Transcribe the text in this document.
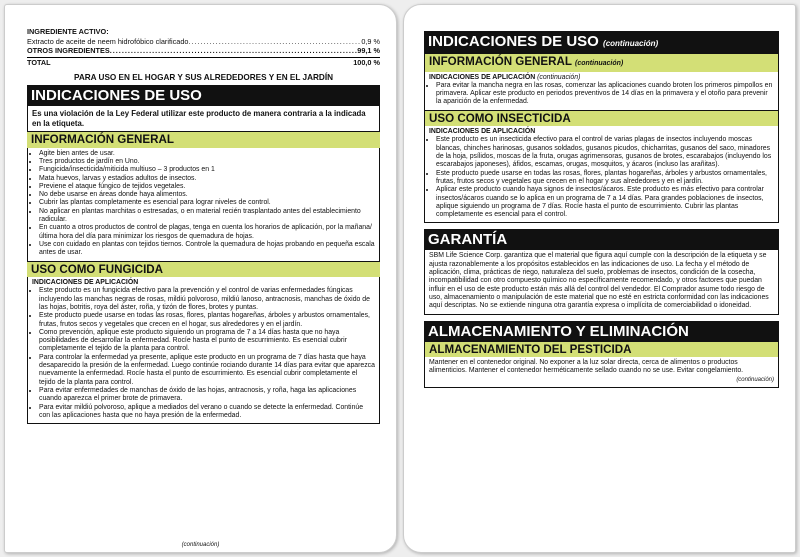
INGREDIENTE ACTIVO:
Extracto de aceite de neem hidrofóbico clarificado .....	0,9 %
OTROS INGREDIENTES .....	99,1 %
TOTAL	100,0 %
PARA USO EN EL HOGAR Y SUS ALREDEDORES Y EN EL JARDÍN
INDICACIONES DE USO
Es una violación de la Ley Federal utilizar este producto de manera contraria a la indicada en la etiqueta.
INFORMACIÓN GENERAL
• Agite bien antes de usar.
• Tres productos de jardín en Uno.
• Fungicida/insecticida/miticida multiuso – 3 productos en 1
• Mata huevos, larvas y estadios adultos de insectos.
• Previene el ataque fúngico de tejidos vegetales.
• No debe usarse en áreas donde haya alimentos.
• Cubrir las plantas completamente es esencial para lograr niveles de control.
• No aplicar en plantas marchitas o estresadas, o en material recién trasplantado antes del establecimiento radicular.
• En cuanto a otros productos de control de plagas, tenga en cuenta los horarios de aplicación, por la mañana/última hora del día para minimizar los riesgos de quemadura de hojas.
• Use con cuidado en plantas con tejidos tiernos. Controle la quemadura de hojas probando en pequeña escala antes de usar.
USO COMO FUNGICIDA
INDICACIONES DE APLICACIÓN
• Este producto es un fungicida efectivo para la prevención y el control de varias enfermedades fúngicas incluyendo las manchas negras de rosas, mildiú polvoroso, mildiú lanoso, antracnosis, manchas de óxido de las hojas, botritis, roya del áster, roña, y tizón de flores, brotes y puntas.
• Este producto puede usarse en todas las rosas, flores, plantas hogareñas, árboles y arbustos ornamentales, frutas, frutos secos y vegetales que crecen en el hogar, sus alrededores y en el jardín.
• Como prevención, aplique este producto siguiendo un programa de 7 a 14 días hasta que no haya posibilidades de desarrollar la enfermedad. Rocíe hasta el punto de escurrimiento. Es esencial cubrir completamente el tejido de la planta para control.
• Para controlar la enfermedad ya presente, aplique este producto en un programa de 7 días hasta que haya desaparecido la presión de la enfermedad. Luego continúe rociando durante 14 días para evitar que aparezca nuevamente la enfermedad. Rocíe hasta el punto de escurrimiento. Es esencial cubrir completamente el tejido de la planta para control.
• Para evitar enfermedades de manchas de óxido de las hojas, antracnosis, y roña, haga las aplicaciones cuando aparezca el primer brote de primavera.
• Para evitar mildiú polvoroso, aplique a mediados del verano o cuando se detecte la enfermedad. Continúe con las aplicaciones hasta que no haya presión de la enfermedad.
(continuación)
INDICACIONES DE USO (continuación)
INFORMACIÓN GENERAL (continuación)
INDICACIONES DE APLICACIÓN (continuación)
• Para evitar la mancha negra en las rosas, comenzar las aplicaciones cuando broten los primeros pimpollos en primavera. Aplicar este producto en periodos preventivos de 14 días en la primavera y el otoño para prevenir la aparición de la enfermedad.
USO COMO INSECTICIDA
INDICACIONES DE APLICACIÓN
• Este producto es un insecticida efectivo para el control de varias plagas de insectos incluyendo moscas blancas, chinches harinosas, gusanos soldados, gusanos picudos, chicharritas, gusanos del saco, minadores de la hoja, psílidos, moscas de la fruta, orugas agrimensoras, gusanos de brotes, escarabajos (incluyendo los escarabajos japoneses), áfidos, escamas, orugas, mosquitos, y ácaros (incluso las arañitas).
• Este producto puede usarse en todas las rosas, flores, plantas hogareñas, árboles y arbustos ornamentales, frutas, frutos secos y vegetales que crecen en el hogar y sus alrededores y en el jardín.
• Aplicar este producto cuando haya signos de insectos/ácaros. Este producto es más efectivo para controlar insectos/ácaros cuando se lo aplica en un programa de 7 a 14 días. Para grandes poblaciones de insectos, aplique siguiendo un programa de 7 días. Rocíe hasta el punto de escurrimiento. Cubrir las plantas completamente es esencial para el control.
GARANTÍA

SBM Life Science Corp. garantiza que el material que figura aquí cumple con la descripción de la etiqueta y se ajusta razonablemente a los propósitos establecidos en las indicaciones de uso. La fecha y el método de aplicación, clima, prácticas de riego, naturaleza del suelo, problemas de insectos, condición de la cosecha, incompatibilidad con otro compuesto químico no específicamente recomendado, y otros factores que puedan influir en el uso de este producto están más allá del control del vendedor. El Comprador asume todo riesgo de uso, almacenamiento o manipulación de este material que no esté en estricta conformidad con las indicaciones aquí descriptas. No se extiende ninguna otra garantía expresa o implícita de comerciabilidad o idoneidad.

ALMACENAMIENTO Y ELIMINACIÓN
ALMACENAMIENTO DEL PESTICIDA

Mantener en el contenedor original. No exponer a la luz solar directa, cerca de alimentos o productos alimenticios. Mantener el contenedor herméticamente sellado cuando no se use. Evitar congelamiento.

(continuación)
